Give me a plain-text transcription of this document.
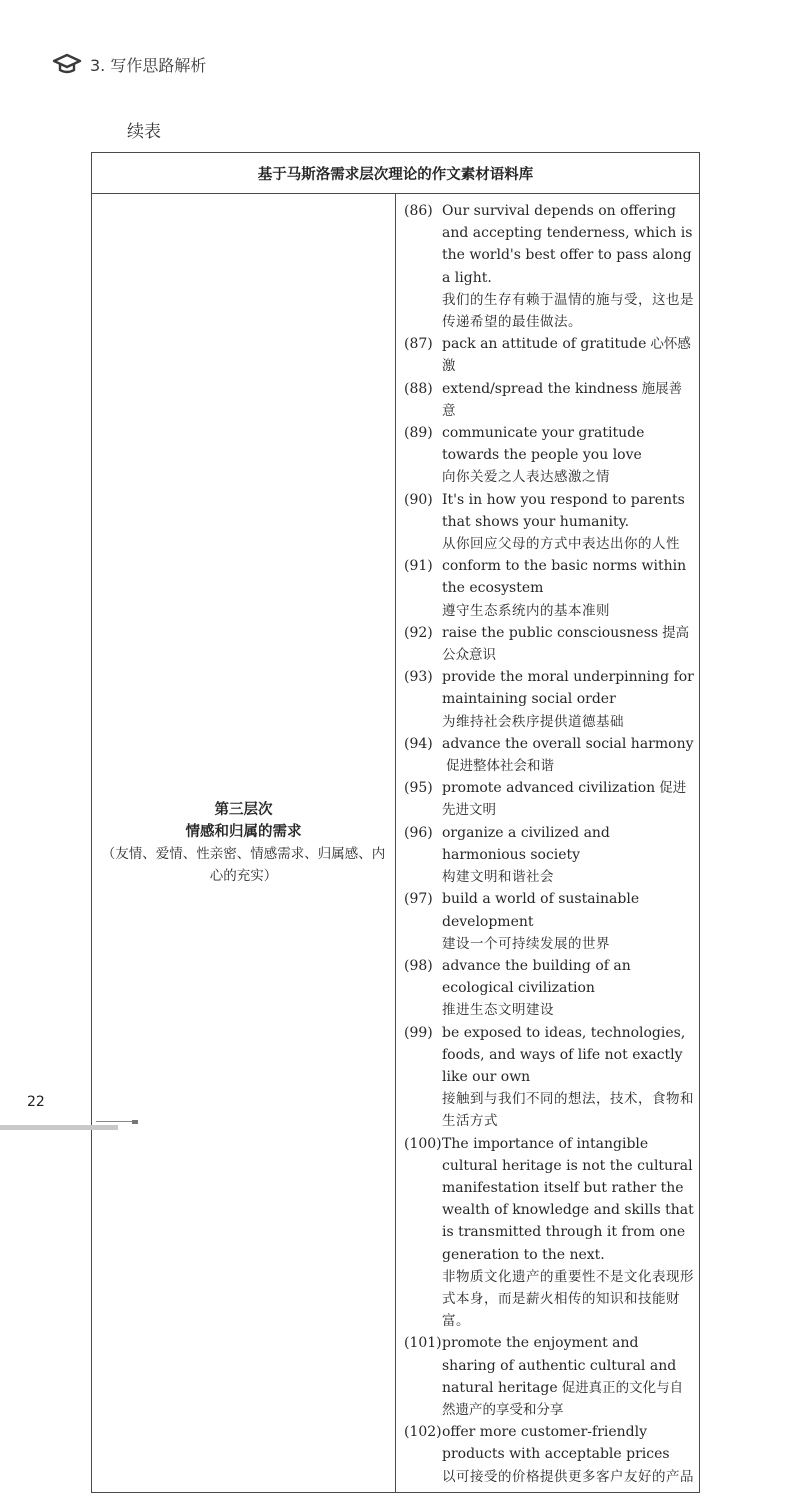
3. 写作思路解析
续表
基于马斯洛需求层次理论的作文素材语料库

第三层次
情感和归属的需求
（友情、爱情、性亲密、情感需求、归属感、内心的充实）

(86) Our survival depends on offering and accepting tenderness, which is the world's best offer to pass along a light.
我们的生存有赖于温情的施与受，这也是传递希望的最佳做法。
(87) pack an attitude of gratitude 心怀感激
(88) extend/spread the kindness 施展善意
(89) communicate your gratitude towards the people you love
向你关爱之人表达感激之情
(90) It's in how you respond to parents that shows your humanity.
从你回应父母的方式中表达出你的人性
(91) conform to the basic norms within the ecosystem
遵守生态系统内的基本准则
(92) raise the public consciousness 提高公众意识
(93) provide the moral underpinning for maintaining social order
为维持社会秩序提供道德基础
(94) advance the overall social harmony促进整体社会和谐
(95) promote advanced civilization 促进先进文明
(96) organize a civilized and harmonious society
构建文明和谐社会
(97) build a world of sustainable development
建设一个可持续发展的世界
(98) advance the building of an ecological civilization
推进生态文明建设
(99) be exposed to ideas, technologies, foods, and ways of life not exactly like our own
接触到与我们不同的想法，技术，食物和生活方式
(100) The importance of intangible cultural heritage is not the cultural manifestation itself but rather the wealth of knowledge and skills that is transmitted through it from one generation to the next.
非物质文化遗产的重要性不是文化表现形式本身，而是薪火相传的知识和技能财富。
(101) promote the enjoyment and sharing of authentic cultural and natural heritage 促进真正的文化与自然遗产的享受和分享
(102) offer more customer-friendly products with acceptable prices
以可接受的价格提供更多客户友好的产品
22
